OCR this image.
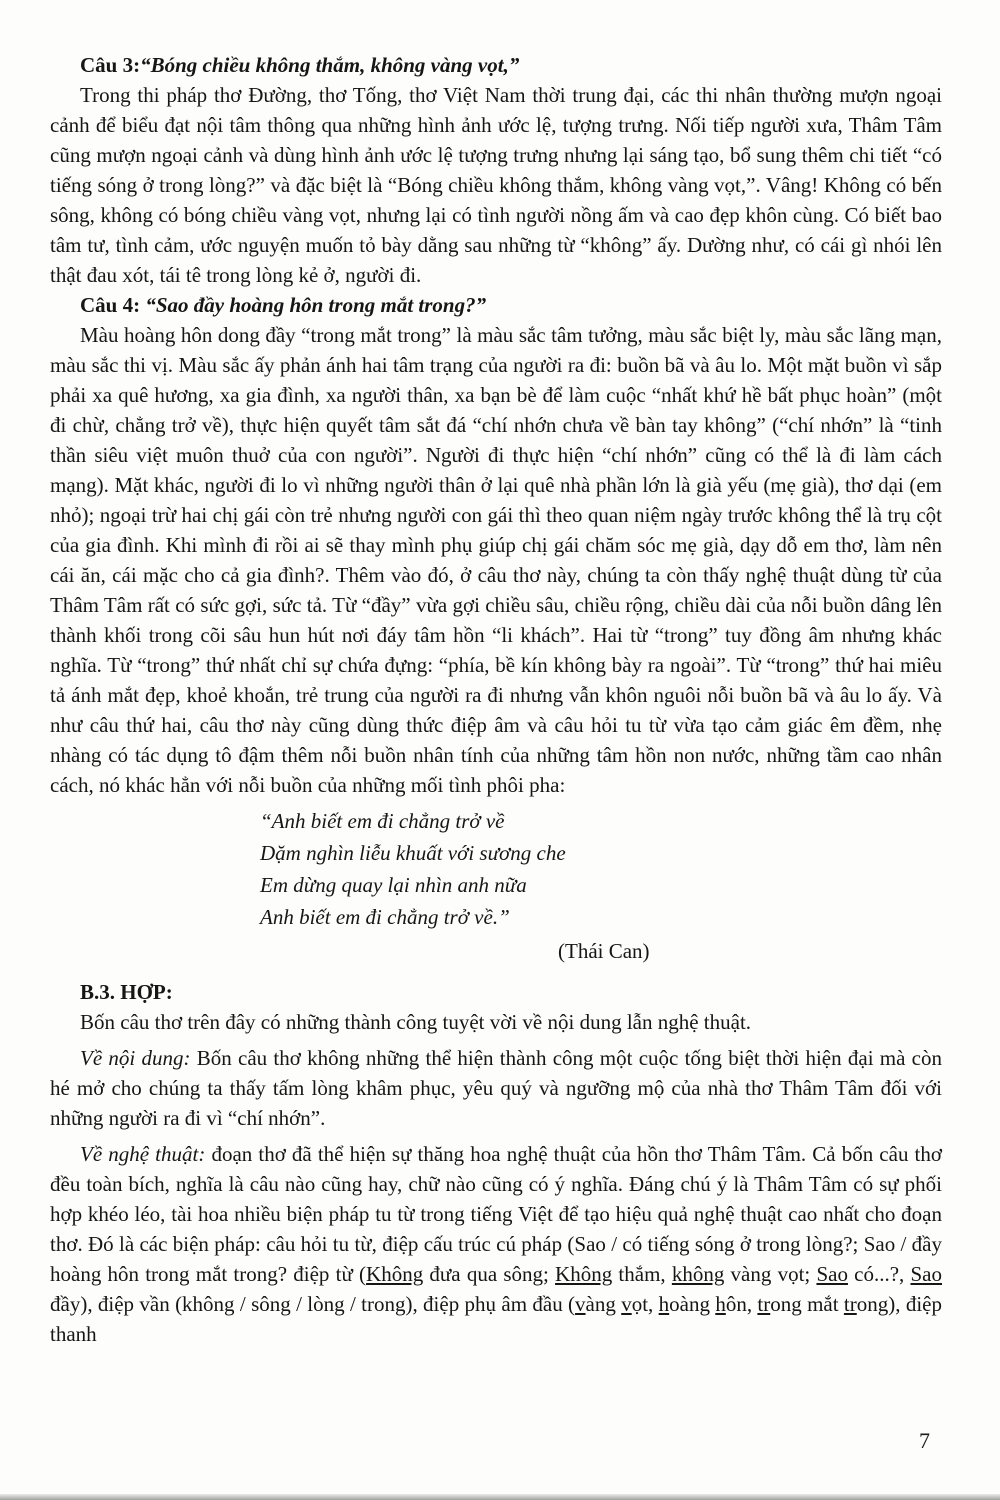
Câu 3:“Bóng chiều không thắm, không vàng vọt,”

Trong thi pháp thơ Đường, thơ Tống, thơ Việt Nam thời trung đại, các thi nhân thường mượn ngoại cảnh để biểu đạt nội tâm thông qua những hình ảnh ước lệ, tượng trưng. Nối tiếp người xưa, Thâm Tâm cũng mượn ngoại cảnh và dùng hình ảnh ước lệ tượng trưng nhưng lại sáng tạo, bổ sung thêm chi tiết “có tiếng sóng ở trong lòng?” và đặc biệt là “Bóng chiều không thắm, không vàng vọt,”. Vâng! Không có bến sông, không có bóng chiều vàng vọt, nhưng lại có tình người nồng ấm và cao đẹp khôn cùng. Có biết bao tâm tư, tình cảm, ước nguyện muốn tỏ bày dằng sau những từ “không” ấy. Dường như, có cái gì nhói lên thật đau xót, tái tê trong lòng kẻ ở, người đi.

Câu 4: “Sao đầy hoàng hôn trong mắt trong?”

Màu hoàng hôn dong đầy “trong mắt trong” là màu sắc tâm tưởng, màu sắc biệt ly, màu sắc lãng mạn, màu sắc thi vị. Màu sắc ấy phản ánh hai tâm trạng của người ra đi: buồn bã và âu lo. Một mặt buồn vì sắp phải xa quê hương, xa gia đình, xa người thân, xa bạn bè để làm cuộc “nhất khứ hề bất phục hoàn” (một đi chừ, chẳng trở về), thực hiện quyết tâm sắt đá “chí nhớn chưa về bàn tay không” (“chí nhớn” là “tinh thần siêu việt muôn thuở của con người”. Người đi thực hiện “chí nhớn” cũng có thể là đi làm cách mạng). Mặt khác, người đi lo vì những người thân ở lại quê nhà phần lớn là già yếu (mẹ già), thơ dại (em nhỏ); ngoại trừ hai chị gái còn trẻ nhưng người con gái thì theo quan niệm ngày trước không thể là trụ cột của gia đình. Khi mình đi rồi ai sẽ thay mình phụ giúp chị gái chăm sóc mẹ già, dạy dỗ em thơ, làm nên cái ăn, cái mặc cho cả gia đình?. Thêm vào đó, ở câu thơ này, chúng ta còn thấy nghệ thuật dùng từ của Thâm Tâm rất có sức gợi, sức tả. Từ “đầy” vừa gợi chiều sâu, chiều rộng, chiều dài của nỗi buồn dâng lên thành khối trong cõi sâu hun hút nơi đáy tâm hồn “li khách”. Hai từ “trong” tuy đồng âm nhưng khác nghĩa. Từ “trong” thứ nhất chỉ sự chứa đựng: “phía, bề kín không bày ra ngoài”. Từ “trong” thứ hai miêu tả ánh mắt đẹp, khoẻ khoắn, trẻ trung của người ra đi nhưng vẫn khôn nguôi nỗi buồn bã và âu lo ấy. Và như câu thứ hai, câu thơ này cũng dùng thức điệp âm và câu hỏi tu từ vừa tạo cảm giác êm đềm, nhẹ nhàng có tác dụng tô đậm thêm nỗi buồn nhân tính của những tâm hồn non nước, những tầm cao nhân cách, nó khác hẳn với nỗi buồn của những mối tình phôi pha:

“Anh biết em đi chẳng trở về
Dặm nghìn liễu khuất với sương che
Em dừng quay lại nhìn anh nữa
Anh biết em đi chẳng trở về.”

(Thái Can)

B.3. HỢP:

Bốn câu thơ trên đây có những thành công tuyệt vời về nội dung lẫn nghệ thuật.

Về nội dung: Bốn câu thơ không những thể hiện thành công một cuộc tống biệt thời hiện đại mà còn hé mở cho chúng ta thấy tấm lòng khâm phục, yêu quý và ngưỡng mộ của nhà thơ Thâm Tâm đối với những người ra đi vì “chí nhớn”.

Về nghệ thuật: đoạn thơ đã thể hiện sự thăng hoa nghệ thuật của hồn thơ Thâm Tâm. Cả bốn câu thơ đều toàn bích, nghĩa là câu nào cũng hay, chữ nào cũng có ý nghĩa. Đáng chú ý là Thâm Tâm có sự phối hợp khéo léo, tài hoa nhiều biện pháp tu từ trong tiếng Việt để tạo hiệu quả nghệ thuật cao nhất cho đoạn thơ. Đó là các biện pháp: câu hỏi tu từ, điệp cấu trúc cú pháp (Sao / có tiếng sóng ở trong lòng?; Sao / đầy hoàng hôn trong mắt trong? điệp từ (Không đưa qua sông; Không thắm, không vàng vọt; Sao có...?, Sao đầy), điệp vần (không / sông / lòng / trong), điệp phụ âm đầu (vàng vọt, hoàng hôn, trong mắt trong), điệp thanh

7
